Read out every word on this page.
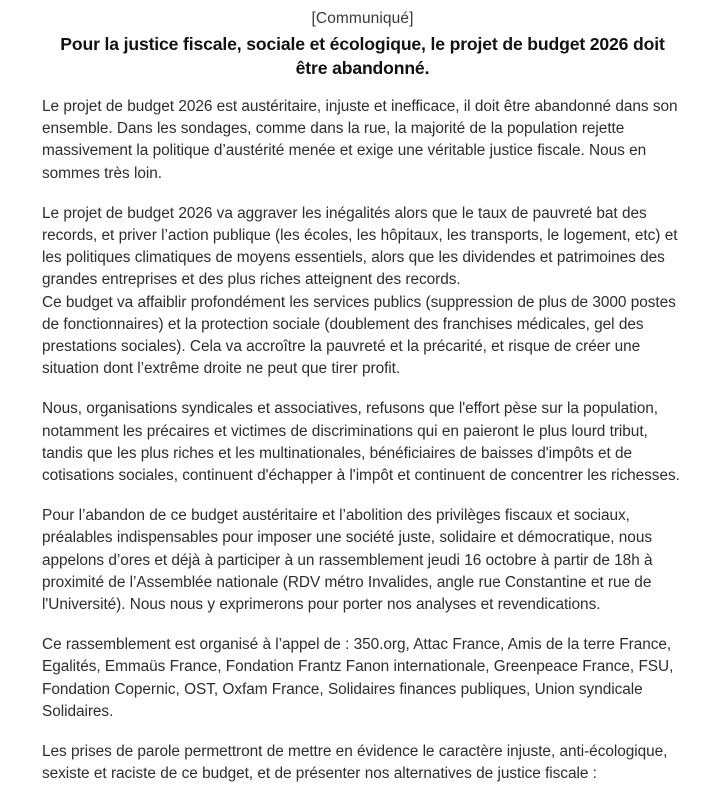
[Communiqué]

Pour la justice fiscale, sociale et écologique, le projet de budget 2026 doit être abandonné.

Le projet de budget 2026 est austéritaire, injuste et inefficace, il doit être abandonné dans son ensemble. Dans les sondages, comme dans la rue, la majorité de la population rejette massivement la politique d’austérité menée et exige une véritable justice fiscale. Nous en sommes très loin.

Le projet de budget 2026 va aggraver les inégalités alors que le taux de pauvreté bat des records, et priver l’action publique (les écoles, les hôpitaux, les transports, le logement, etc) et les politiques climatiques de moyens essentiels, alors que les dividendes et patrimoines des grandes entreprises et des plus riches atteignent des records.
Ce budget va affaiblir profondément les services publics (suppression de plus de 3000 postes de fonctionnaires) et la protection sociale (doublement des franchises médicales, gel des prestations sociales). Cela va accroître la pauvreté et la précarité, et risque de créer une situation dont l’extrême droite ne peut que tirer profit.

Nous, organisations syndicales et associatives, refusons que l'effort pèse sur la population, notamment les précaires et victimes de discriminations qui en paieront le plus lourd tribut, tandis que les plus riches et les multinationales, bénéficiaires de baisses d'impôts et de cotisations sociales, continuent d'échapper à l'impôt et continuent de concentrer les richesses.

Pour l’abandon de ce budget austéritaire et l’abolition des privilèges fiscaux et sociaux, préalables indispensables pour imposer une société juste, solidaire et démocratique, nous appelons d’ores et déjà à participer à un rassemblement jeudi 16 octobre à partir de 18h à proximité de l’Assemblée nationale (RDV métro Invalides, angle rue Constantine et rue de l'Université). Nous nous y exprimerons pour porter nos analyses et revendications.

Ce rassemblement est organisé à l’appel de : 350.org, Attac France, Amis de la terre France, Egalités, Emmaüs France, Fondation Frantz Fanon internationale, Greenpeace France, FSU, Fondation Copernic, OST, Oxfam France, Solidaires finances publiques, Union syndicale Solidaires.

Les prises de parole permettront de mettre en évidence le caractère injuste, anti-écologique, sexiste et raciste de ce budget, et de présenter nos alternatives de justice fiscale :
